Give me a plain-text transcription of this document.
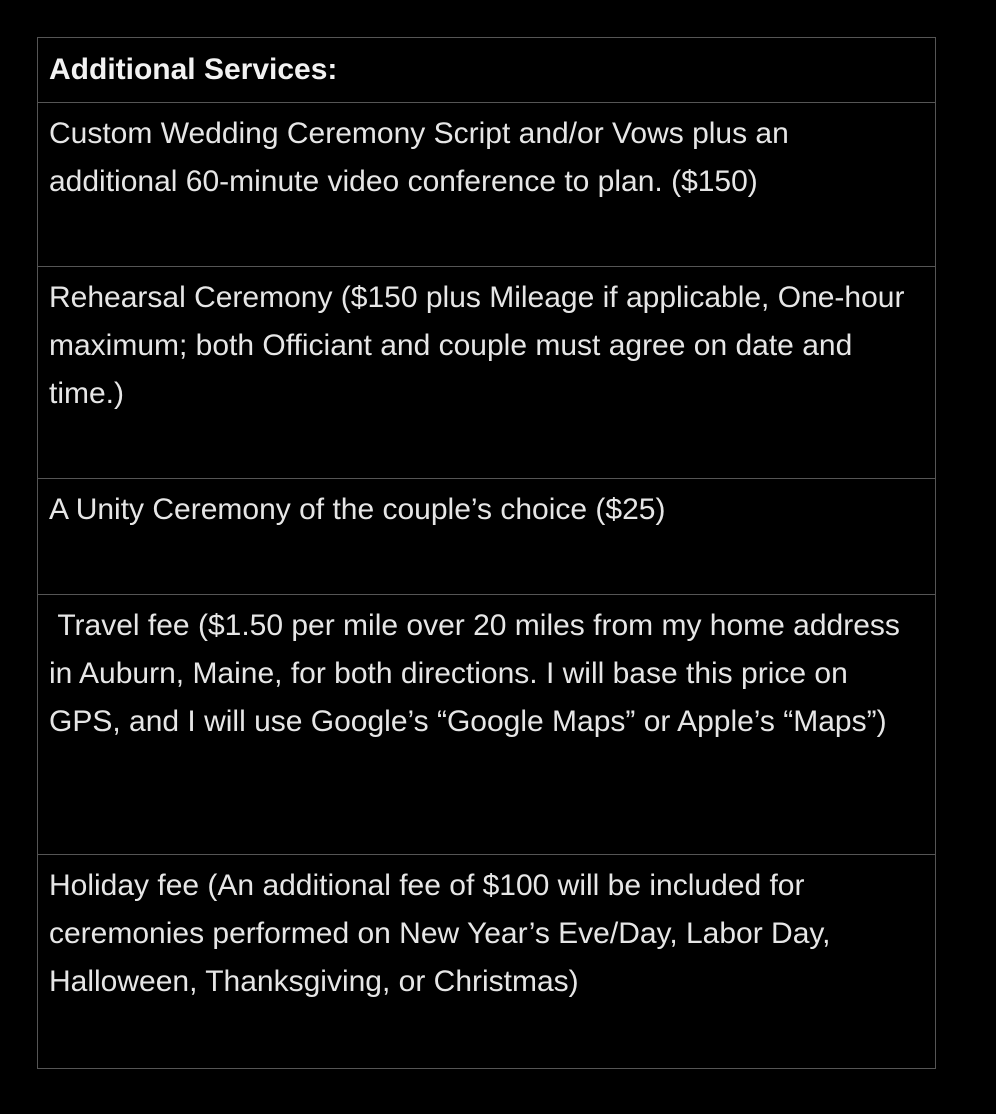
Additional Services:
Custom Wedding Ceremony Script and/or Vows plus an additional 60-minute video conference to plan. ($150)
Rehearsal Ceremony ($150 plus Mileage if applicable, One-hour maximum; both Officiant and couple must agree on date and time.)
A Unity Ceremony of the couple’s choice ($25)
Travel fee ($1.50 per mile over 20 miles from my home address in Auburn, Maine, for both directions. I will base this price on GPS, and I will use Google’s “Google Maps” or Apple’s “Maps”)
Holiday fee (An additional fee of $100 will be included for ceremonies performed on New Year’s Eve/Day, Labor Day, Halloween, Thanksgiving, or Christmas)
